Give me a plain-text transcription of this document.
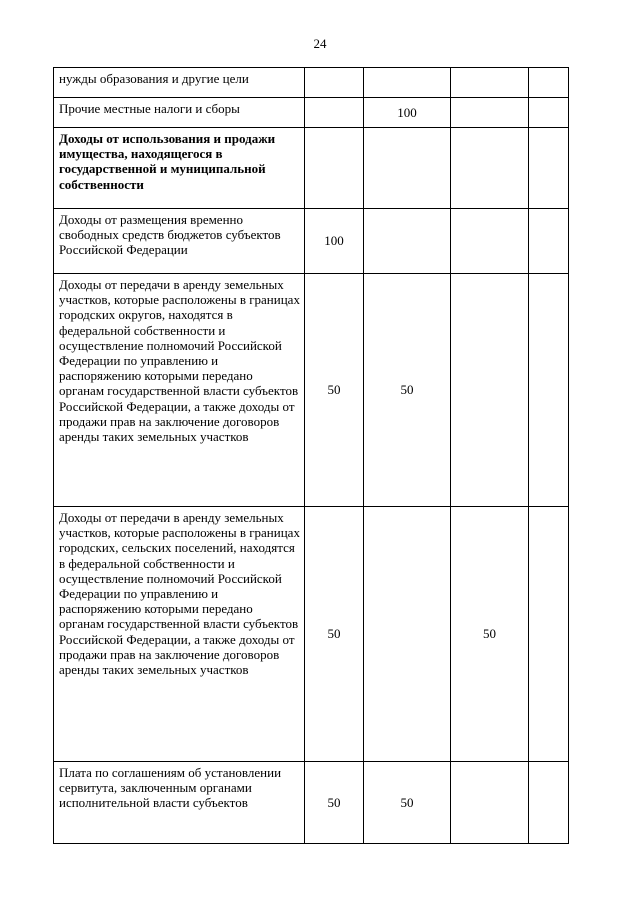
24
нужды образования и другие цели				
Прочие местные налоги и сборы		100		
Доходы от использования и продажи имущества, находящегося в государственной и муниципальной собственности				
Доходы от размещения временно свободных средств бюджетов субъектов Российской Федерации	100			
Доходы от передачи в аренду земельных участков, которые расположены в границах городских округов, находятся в федеральной собственности и осуществление полномочий Российской Федерации по управлению и распоряжению которыми передано органам государственной власти субъектов Российской Федерации, а также доходы от продажи прав на заключение договоров аренды таких земельных участков	50	50		
Доходы от передачи в аренду земельных участков, которые расположены в границах городских, сельских поселений, находятся в федеральной собственности и осуществление полномочий Российской Федерации по управлению и распоряжению которыми передано органам государственной власти субъектов Российской Федерации, а также доходы от продажи прав на заключение договоров аренды таких земельных участков	50		50	
Плата по соглашениям об установлении сервитута, заключенным органами исполнительной власти субъектов	50	50		
